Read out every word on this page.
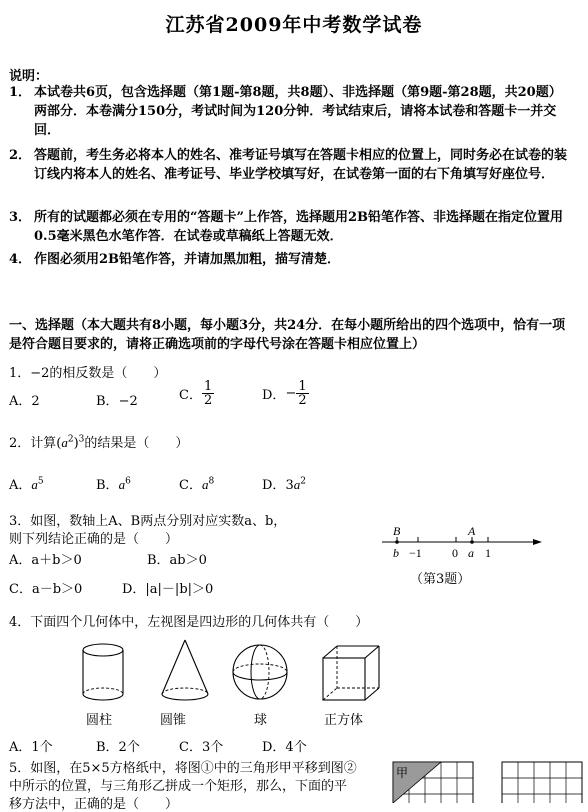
江苏省2009年中考数学试卷
说明：
1． 本试卷共6页，包含选择题（第1题-第8题，共8题）、非选择题（第9题-第28题，共20题）两部分．本卷满分150分，考试时间为120分钟．考试结束后，请将本试卷和答题卡一并交回．
2． 答题前，考生务必将本人的姓名、准考证号填写在答题卡相应的位置上，同时务必在试卷的装订线内将本人的姓名、准考证号、毕业学校填写好，在试卷第一面的右下角填写好座位号．
3． 所有的试题都必须在专用的“答题卡”上作答，选择题用2B铅笔作答、非选择题在指定位置用0.5毫米黑色水笔作答．在试卷或草稿纸上答题无效．
4． 作图必须用2B铅笔作答，并请加黑加粗，描写清楚．
一、选择题（本大题共有8小题，每小题3分，共24分．在每小题所给出的四个选项中，恰有一项是符合题目要求的，请将正确选项前的字母代号涂在答题卡相应位置上）
1．−2的相反数是（　　）
A．2	B．−2	C． $\frac{1}{2}$	D．− $\frac{1}{2}$
2．计算$(a^2)^3$的结果是（　　）
A．$a^5$	B．$a^6$	C．$a^8$	D．$3a^2$
3．如图，数轴上A、B两点分别对应实数a、b，
则下列结论正确的是（　　）
A．a＋b＞0	B．ab＞0
C．a－b＞0	D．|a|－|b|＞0
B	A
b −1	0 a 1
（第3题）
4．下面四个几何体中，左视图是四边形的几何体共有（　　）
圆柱	圆锥	球	正方体
A．1个	B．2个	C．3个	D．4个
5．如图，在5×5方格纸中，将图①中的三角形甲平移到图②
中所示的位置，与三角形乙拼成一个矩形，那么，下面的平
移方法中，正确的是（　　）
甲
